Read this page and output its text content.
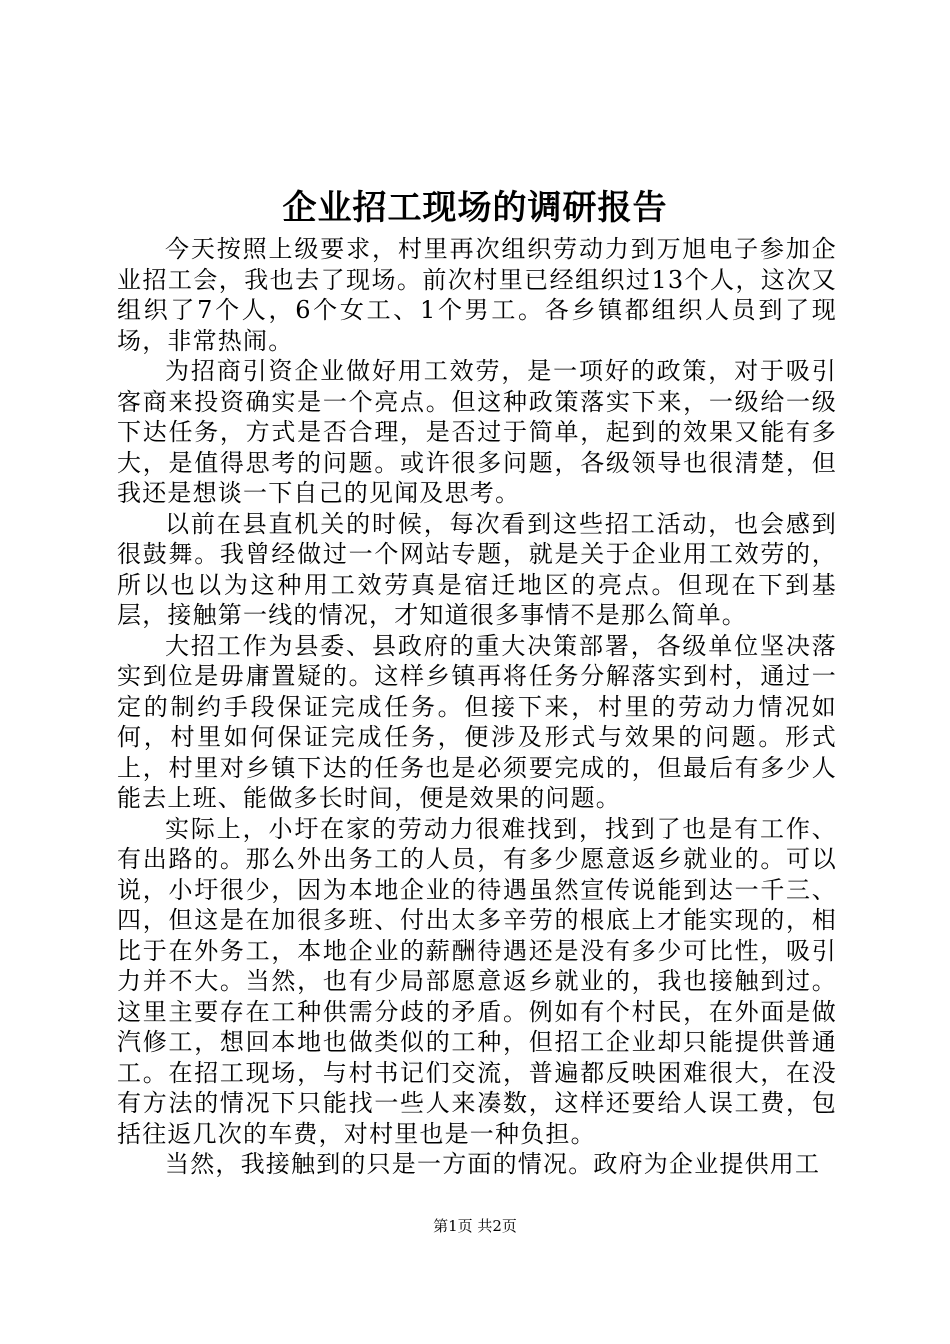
企业招工现场的调研报告

今天按照上级要求，村里再次组织劳动力到万旭电子参加企业招工会，我也去了现场。前次村里已经组织过13个人，这次又组织了7个人，6个女工、1个男工。各乡镇都组织人员到了现场，非常热闹。

为招商引资企业做好用工效劳，是一项好的政策，对于吸引客商来投资确实是一个亮点。但这种政策落实下来，一级给一级下达任务，方式是否合理，是否过于简单，起到的效果又能有多大，是值得思考的问题。或许很多问题，各级领导也很清楚，但我还是想谈一下自己的见闻及思考。

以前在县直机关的时候，每次看到这些招工活动，也会感到很鼓舞。我曾经做过一个网站专题，就是关于企业用工效劳的，所以也以为这种用工效劳真是宿迁地区的亮点。但现在下到基层，接触第一线的情况，才知道很多事情不是那么简单。

大招工作为县委、县政府的重大决策部署，各级单位坚决落实到位是毋庸置疑的。这样乡镇再将任务分解落实到村，通过一定的制约手段保证完成任务。但接下来，村里的劳动力情况如何，村里如何保证完成任务，便涉及形式与效果的问题。形式上，村里对乡镇下达的任务也是必须要完成的，但最后有多少人能去上班、能做多长时间，便是效果的问题。

实际上，小圩在家的劳动力很难找到，找到了也是有工作、有出路的。那么外出务工的人员，有多少愿意返乡就业的。可以说，小圩很少，因为本地企业的待遇虽然宣传说能到达一千三、四，但这是在加很多班、付出太多辛劳的根底上才能实现的，相比于在外务工，本地企业的薪酬待遇还是没有多少可比性，吸引力并不大。当然，也有少局部愿意返乡就业的，我也接触到过。这里主要存在工种供需分歧的矛盾。例如有个村民，在外面是做汽修工，想回本地也做类似的工种，但招工企业却只能提供普通工。在招工现场，与村书记们交流，普遍都反映困难很大，在没有方法的情况下只能找一些人来凑数，这样还要给人误工费，包括往返几次的车费，对村里也是一种负担。

当然，我接触到的只是一方面的情况。政府为企业提供用工

第1页 共2页
